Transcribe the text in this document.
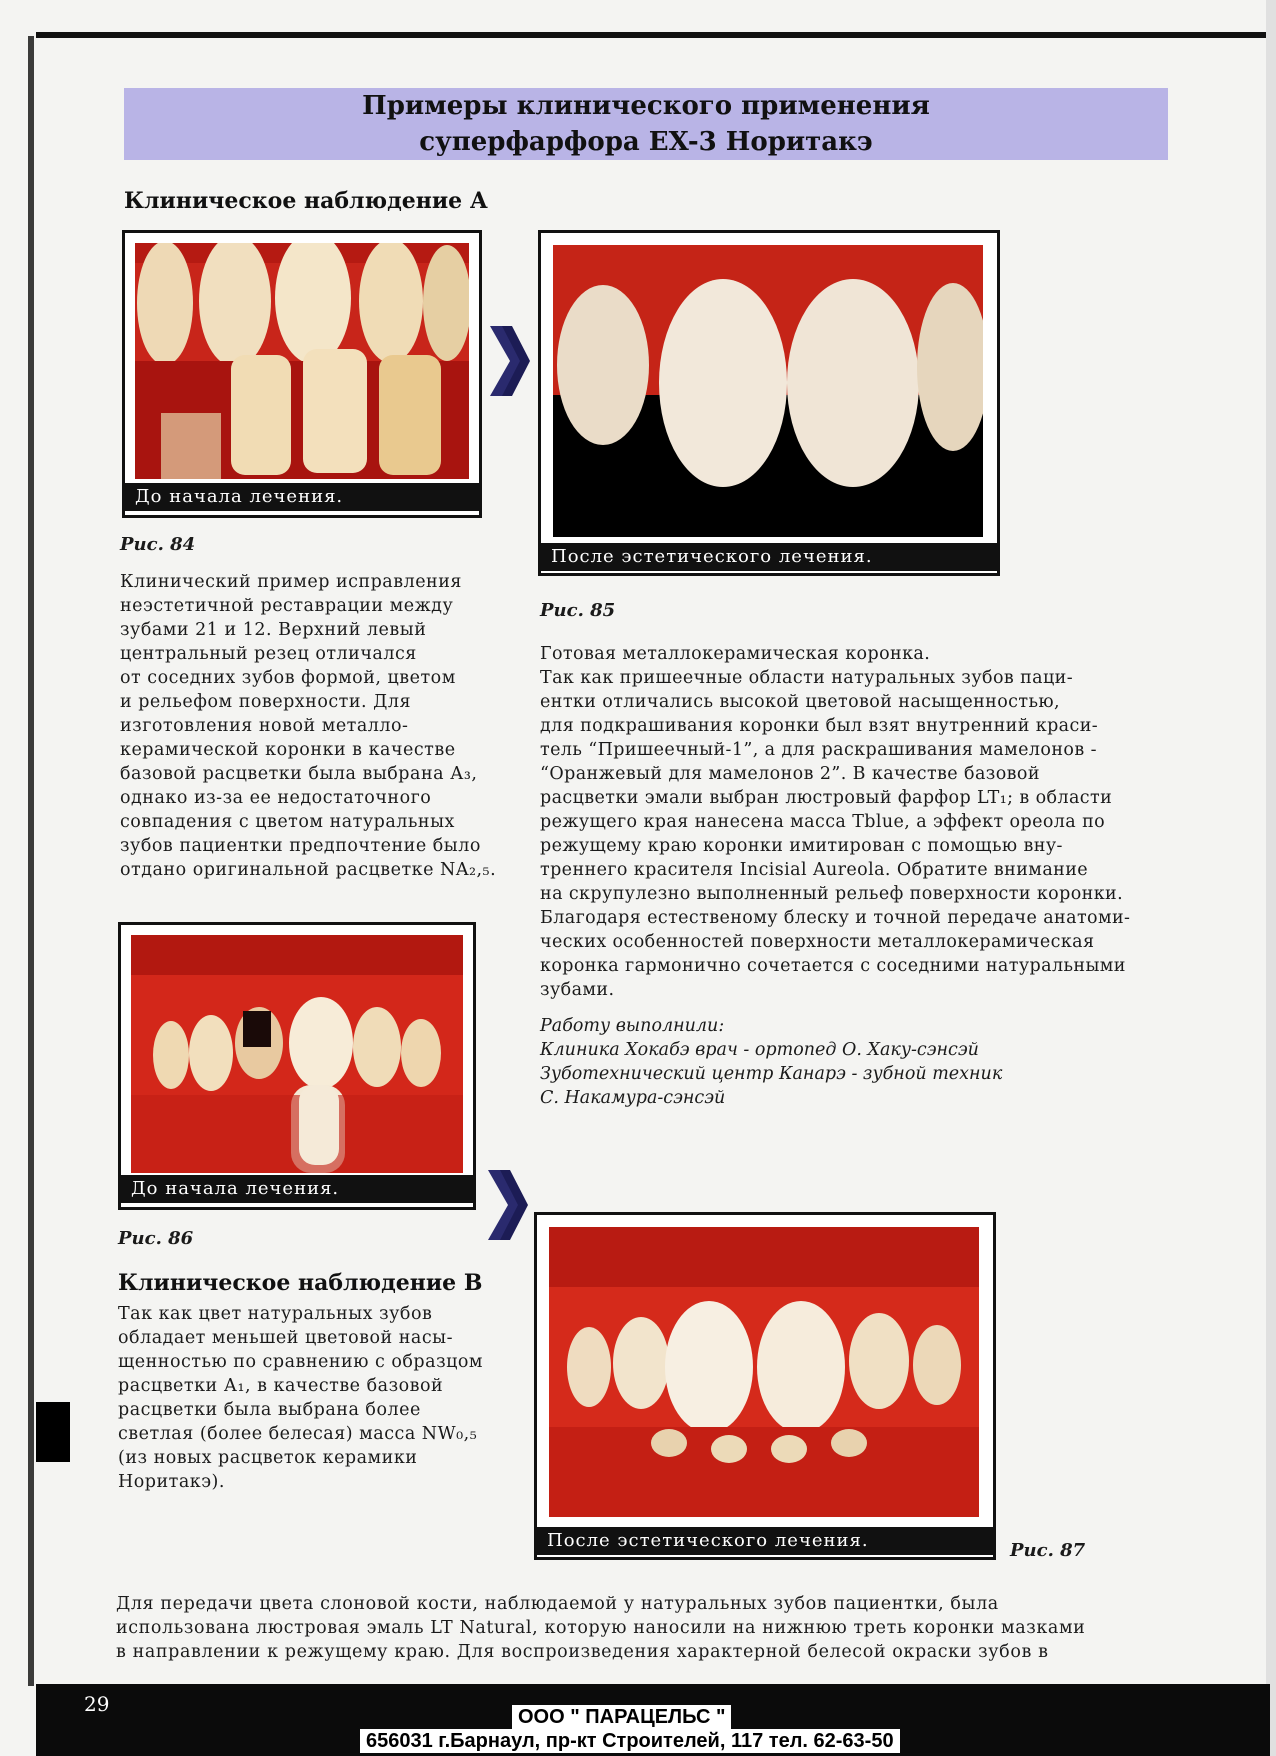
Примеры клинического применения
суперфарфора EX-3 Норитакэ
Клиническое наблюдение А
До начала лечения.
После эстетического лечения.
Рис. 84
Рис. 85

Клинический пример исправления

неэстетичной реставрации между

зубами 21 и 12. Верхний левый

центральный резец отличался

от соседних зубов формой, цветом

и рельефом поверхности. Для

изготовления новой металло-

керамической коронки в качестве

базовой расцветки была выбрана А₃,

однако из-за ее недостаточного

совпадения с цветом натуральных

зубов пациентки предпочтение было

отдано оригинальной расцветке NA₂,₅.

Готовая металлокерамическая коронка.

Так как пришеечные области натуральных зубов паци-

ентки отличались высокой цветовой насыщенностью,

для подкрашивания коронки был взят внутренний краси-

тель “Пришеечный-1”, а для раскрашивания мамелонов -

“Оранжевый для мамелонов 2”. В качестве базовой

расцветки эмали выбран люстровый фарфор LT₁; в области

режущего края нанесена масса Tblue, а эффект ореола по

режущему краю коронки имитирован с помощью вну-

треннего красителя Incisial Aureola. Обратите внимание

на скрупулезно выполненный рельеф поверхности коронки.

Благодаря естественому блеску и точной передаче анатоми-

ческих особенностей поверхности металлокерамическая

коронка гармонично сочетается с соседними натуральными

зубами.

Работу выполнили:

Клиника Хокабэ врач - ортопед О. Хаку-сэнсэй

Зуботехнический центр Канарэ - зубной техник

С. Накамура-сэнсэй

До начала лечения.
Рис. 86
Клиническое наблюдение В

Так как цвет натуральных зубов

обладает меньшей цветовой насы-

щенностью по сравнению с образцом

расцветки А₁, в качестве базовой

расцветки была выбрана более

светлая (более белесая) масса NW₀,₅

(из новых расцветок керамики

Норитакэ).

После эстетического лечения.	Рис. 87

Для передачи цвета слоновой кости, наблюдаемой у натуральных зубов пациентки, была

использована люстровая эмаль LT Natural, которую наносили на нижнюю треть коронки мазками

в направлении к режущему краю. Для воспроизведения характерной белесой окраски зубов в

29
ООО " ПАРАЦЕЛЬС "
656031 г.Барнаул, пр-кт Строителей, 117 тел. 62-63-50
